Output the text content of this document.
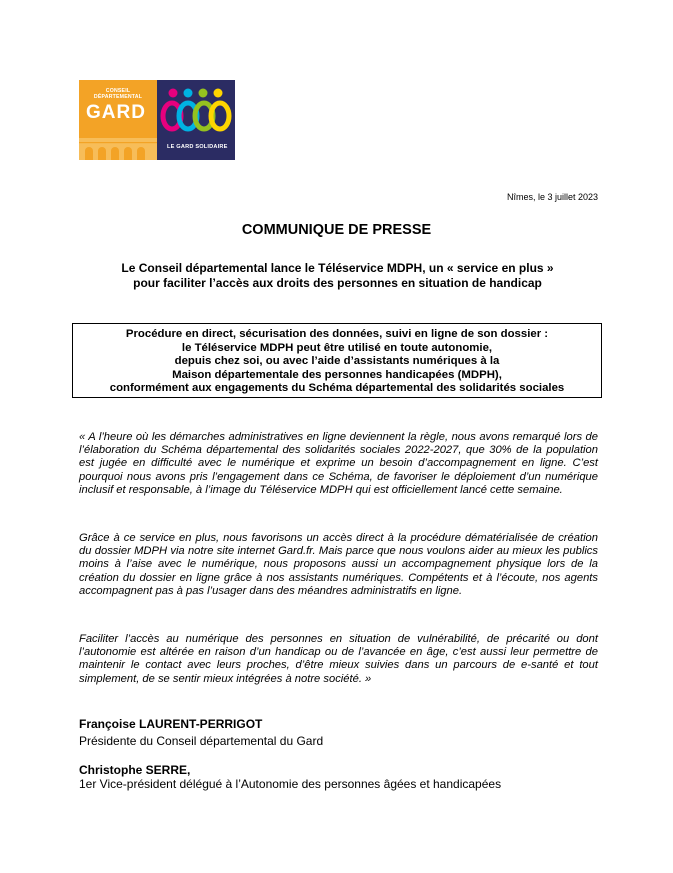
CONSEIL
DÉPARTEMENTAL
GARD
LE GARD SOLIDAIRE
Nîmes, le 3 juillet 2023
COMMUNIQUE DE PRESSE
Le Conseil départemental lance le Téléservice MDPH, un « service en plus »
pour faciliter l’accès aux droits des personnes en situation de handicap
Procédure en direct, sécurisation des données, suivi en ligne de son dossier :
le Téléservice MDPH peut être utilisé en toute autonomie,
depuis chez soi, ou avec l’aide d’assistants numériques à la
Maison départementale des personnes handicapées (MDPH),
conformément aux engagements du Schéma départemental des solidarités sociales
« A l’heure où les démarches administratives en ligne deviennent la règle, nous avons remarqué lors de l’élaboration du Schéma départemental des solidarités sociales 2022-2027, que 30% de la population est jugée en difficulté avec le numérique et exprime un besoin d’accompagnement en ligne. C’est pourquoi nous avons pris l’engagement dans ce Schéma, de favoriser le déploiement d’un numérique inclusif et responsable, à l’image du Téléservice MDPH qui est officiellement lancé cette semaine.
Grâce à ce service en plus, nous favorisons un accès direct à la procédure dématérialisée de création du dossier MDPH via notre site internet Gard.fr. Mais parce que nous voulons aider au mieux les publics moins à l’aise avec le numérique, nous proposons aussi un accompagnement physique lors de la création du dossier en ligne grâce à nos assistants numériques. Compétents et à l’écoute, nos agents accompagnent pas à pas l’usager dans des méandres administratifs en ligne.
Faciliter l’accès au numérique des personnes en situation de vulnérabilité, de précarité ou dont l’autonomie est altérée en raison d’un handicap ou de l’avancée en âge, c’est aussi leur permettre de maintenir le contact avec leurs proches, d’être mieux suivies dans un parcours de e-santé et tout simplement, de se sentir mieux intégrées à notre société. »
Françoise LAURENT-PERRIGOT
Présidente du Conseil départemental du Gard
Christophe SERRE,
1er Vice-président délégué à l’Autonomie des personnes âgées et handicapées
